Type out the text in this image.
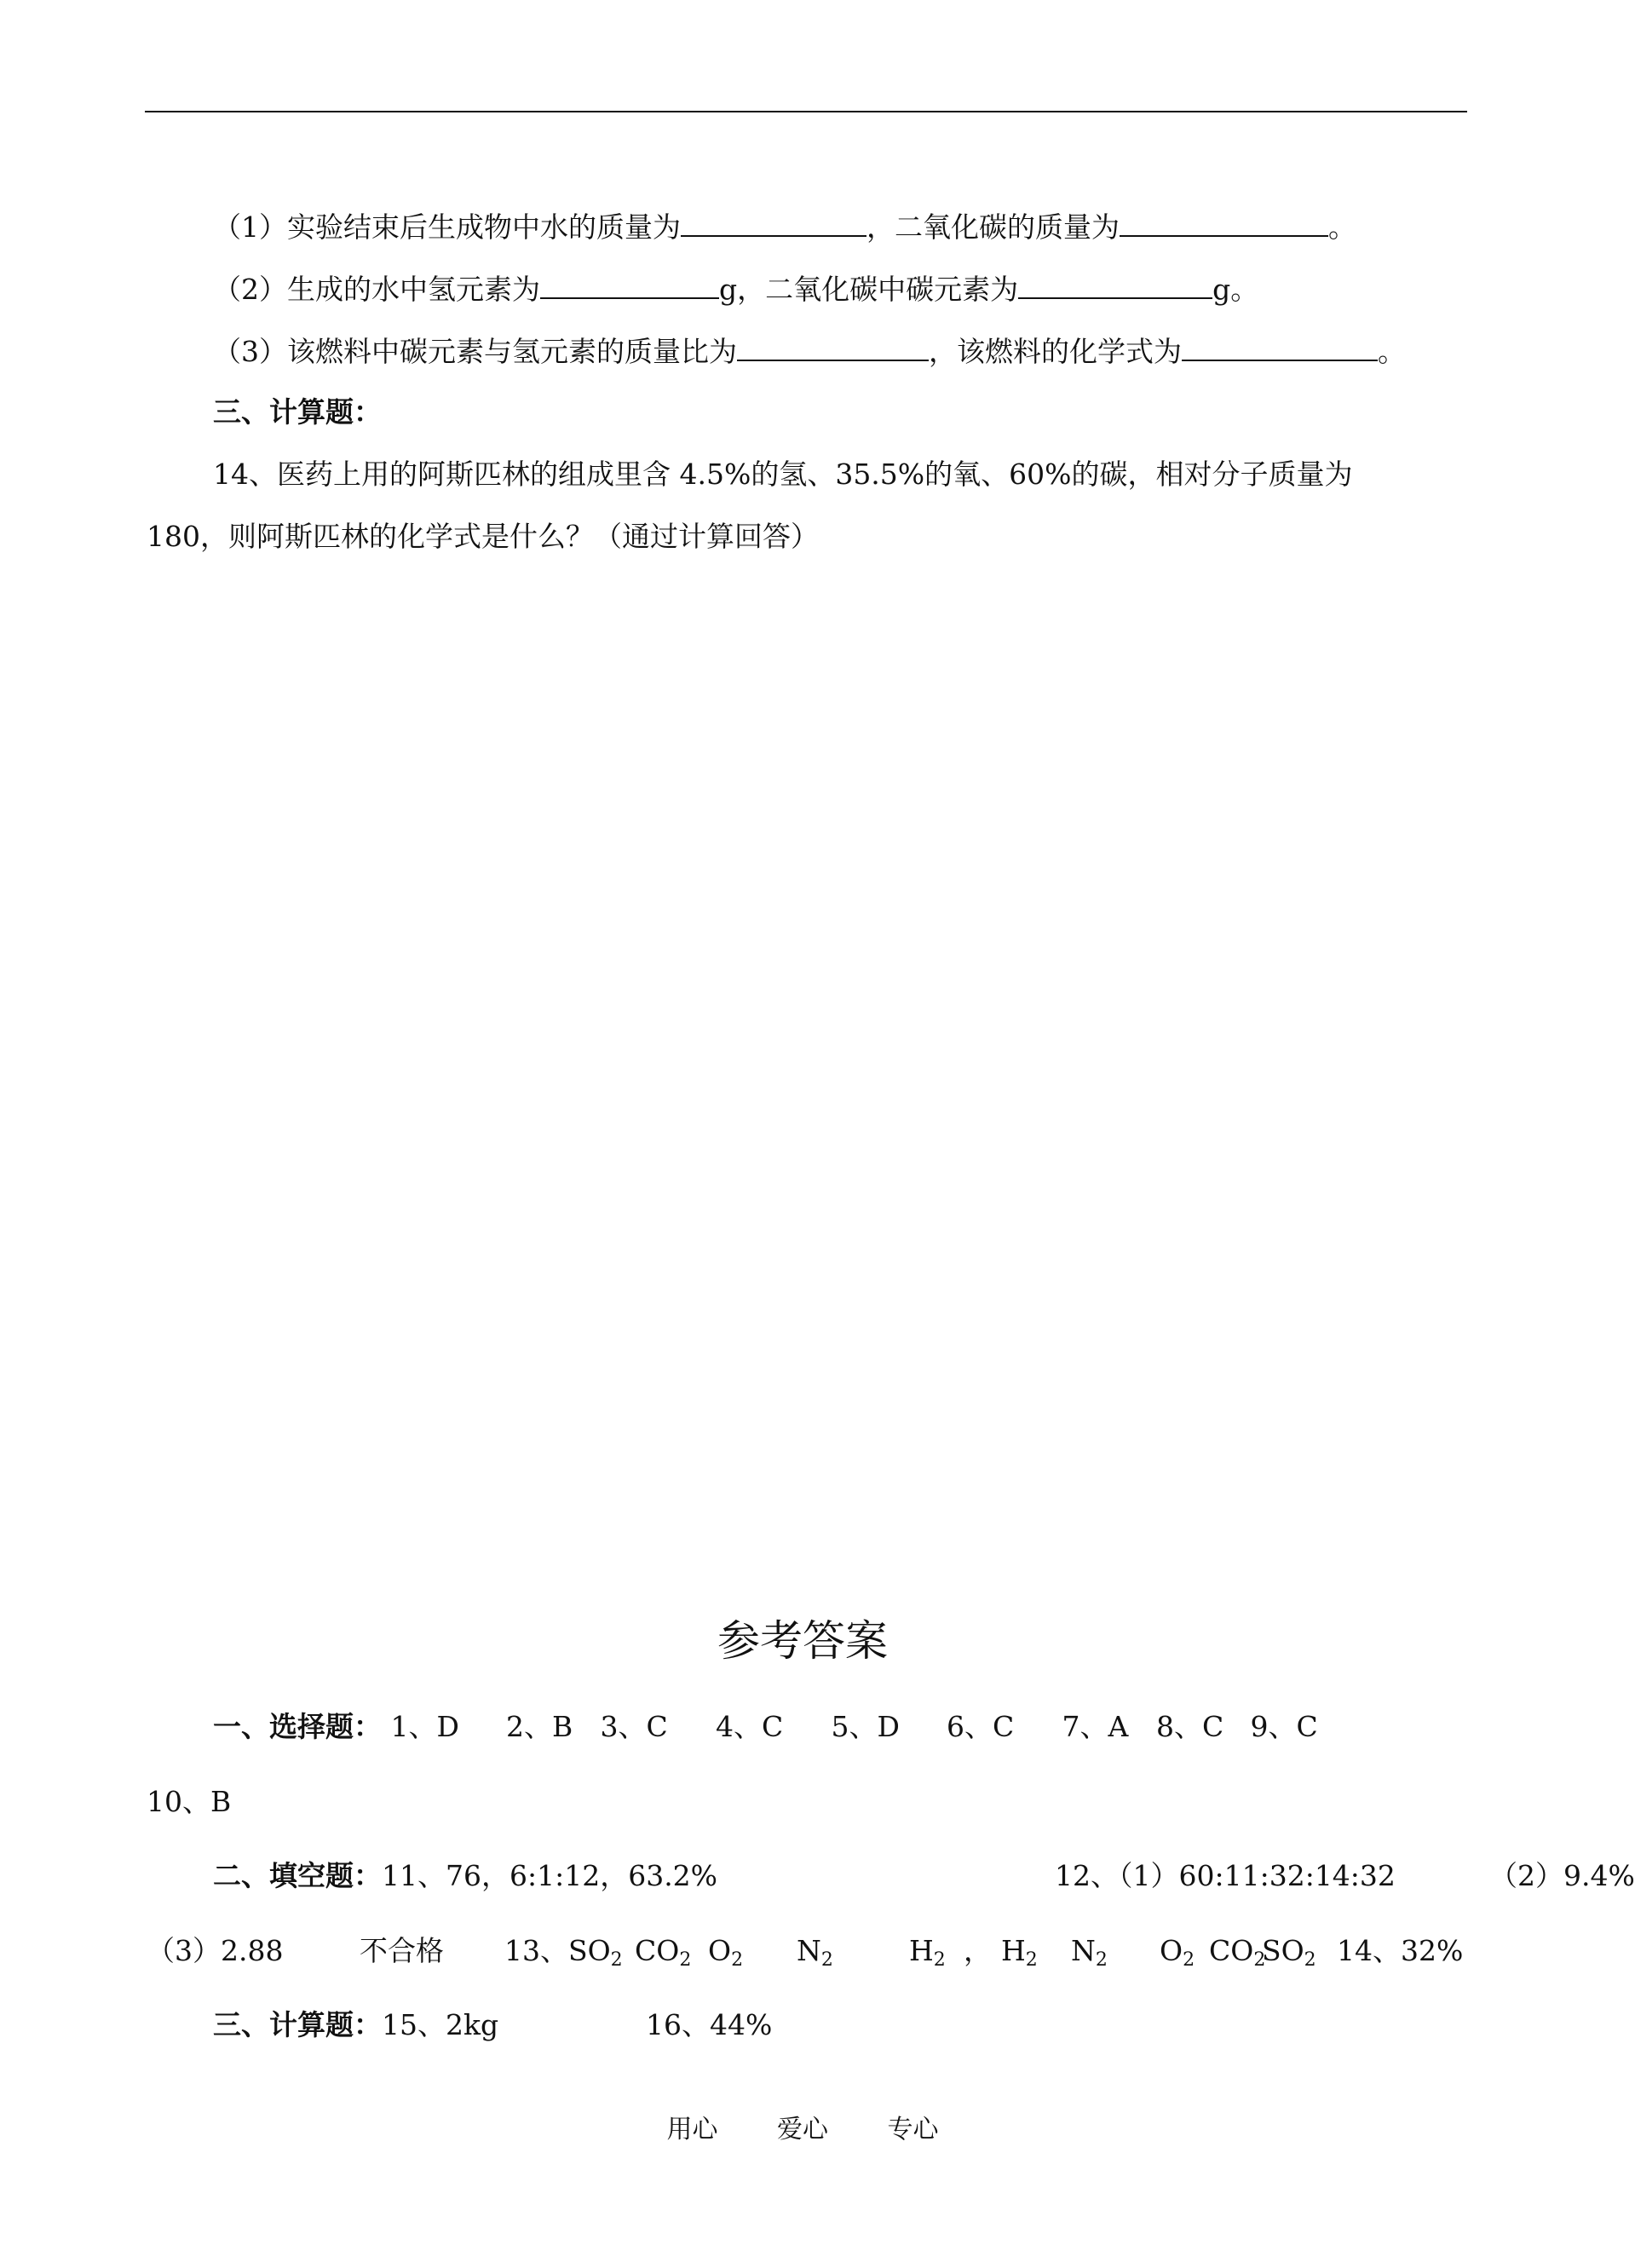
（1）实验结束后生成物中水的质量为	，二氧化碳的质量为	。
（2）生成的水中氢元素为	g，二氧化碳中碳元素为	g。
（3）该燃料中碳元素与氢元素的质量比为	，该燃料的化学式为	。
三、计算题：
14、医药上用的阿斯匹林的组成里含 4.5%的氢、35.5%的氧、60%的碳，相对分子质量为
180，则阿斯匹林的化学式是什么？（通过计算回答）
参考答案
一、选择题： 1、D 2、B 3、C 4、C 5、D 6、C 7、A 8、C 9、C
10、B
二、填空题：11、76，6:1:12，63.2%	12、（1）60:11:32:14:32	（2）9.4%
（3）2.88	不合格 13、$SO_2$ $CO_2$ $O_2$ $N_2$	$H_2$ ， $H_2$ $N_2$ $O_2$ $CO_2SO_2$ 14、32%
三、计算题：15、2kg	16、44%
用心 爱心 专心
